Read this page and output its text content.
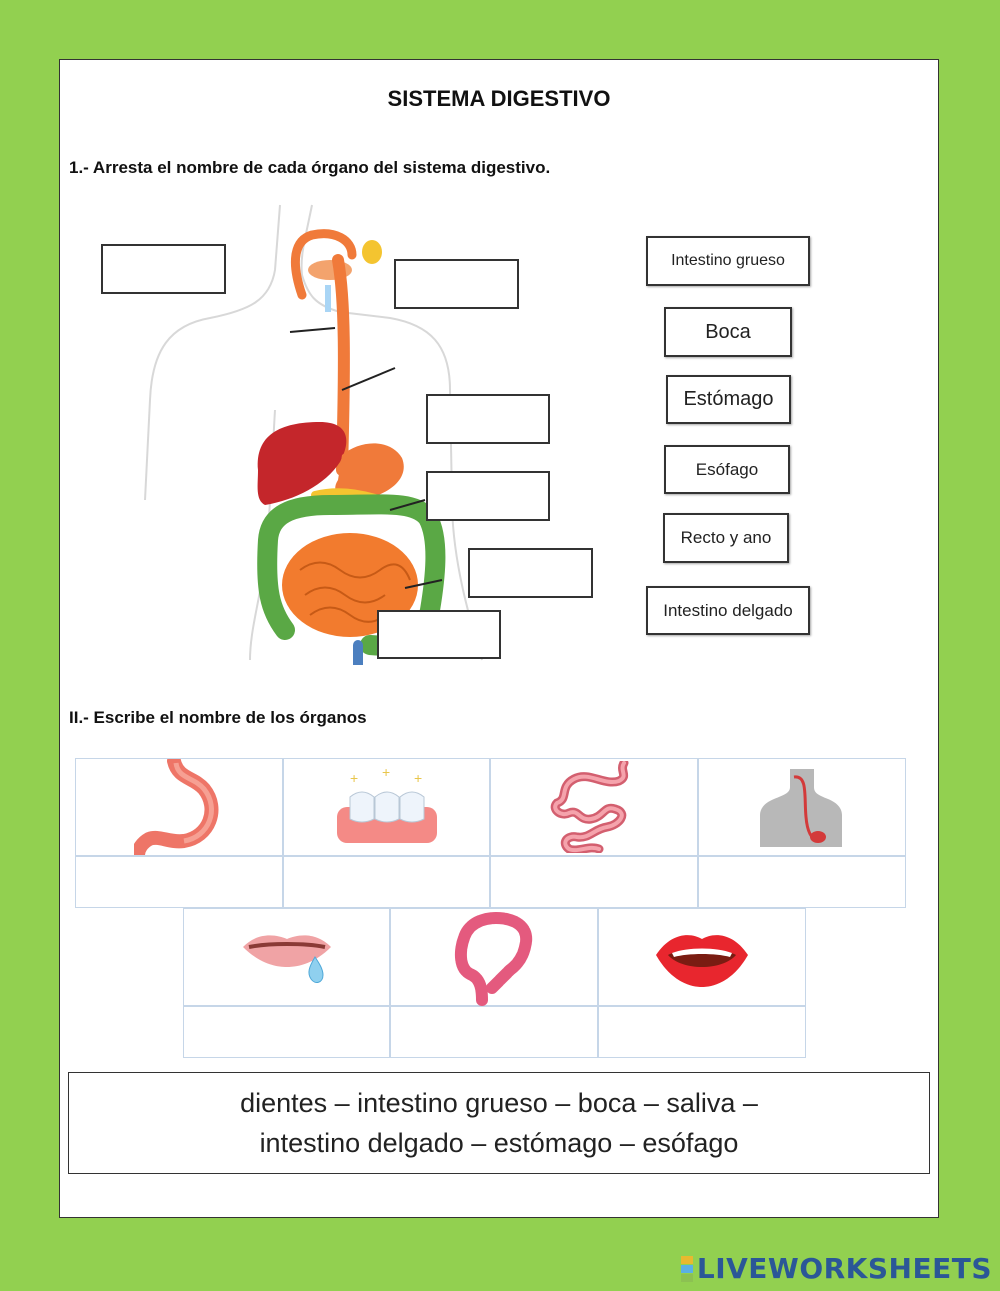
SISTEMA DIGESTIVO
1.- Arresta el nombre de cada órgano del sistema digestivo.
Intestino grueso
Boca
Estómago
Esófago
Recto y ano
Intestino delgado
II.- Escribe el nombre de los órganos
+ + +
dientes – intestino grueso – boca – saliva –
intestino delgado – estómago – esófago
LIVEWORKSHEETS
